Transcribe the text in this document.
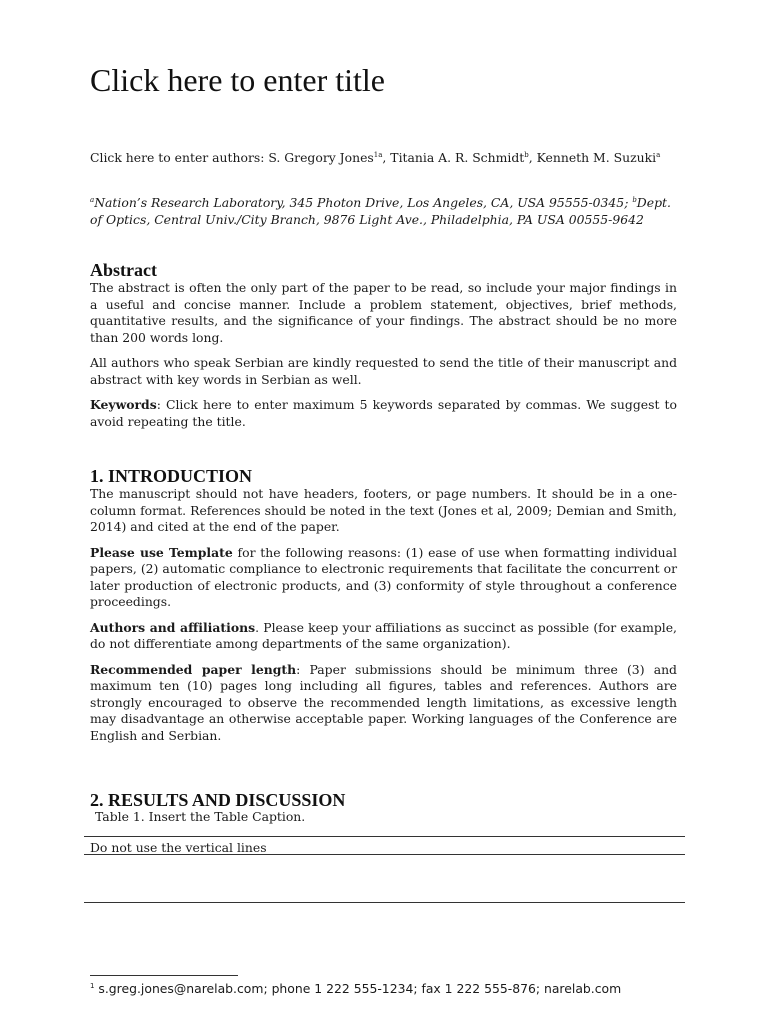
Click here to enter title
Click here to enter authors: S. Gregory Jones$^{1a}$, Titania A. R. Schmidt$^b$, Kenneth M. Suzuki$^a$
$^a$Nation’s Research Laboratory, 345 Photon Drive, Los Angeles, CA, USA 95555-0345; $^b$Dept. of Optics, Central Univ./City Branch, 9876 Light Ave., Philadelphia, PA USA 00555-9642
Abstract

The abstract is often the only part of the paper to be read, so include your major findings in a useful and concise manner. Include a problem statement, objectives, brief methods, quantitative results, and the significance of your findings. The abstract should be no more than 200 words long.

All authors who speak Serbian are kindly requested to send the title of their manuscript and abstract with key words in Serbian as well.

Keywords: Click here to enter maximum 5 keywords separated by commas. We suggest to avoid repeating the title.

1. INTRODUCTION

The manuscript should not have headers, footers, or page numbers. It should be in a one-column format. References should be noted in the text (Jones et al, 2009; Demian and Smith, 2014) and cited at the end of the paper.

Please use Template for the following reasons: (1) ease of use when formatting individual papers, (2) automatic compliance to electronic requirements that facilitate the concurrent or later production of electronic products, and (3) conformity of style throughout a conference proceedings.

Authors and affiliations. Please keep your affiliations as succinct as possible (for example, do not differentiate among departments of the same organization).

Recommended paper length: Paper submissions should be minimum three (3) and maximum ten (10) pages long including all figures, tables and references. Authors are strongly encouraged to observe the recommended length limitations, as excessive length may disadvantage an otherwise acceptable paper. Working languages of the Conference are English and Serbian.

2. RESULTS AND DISCUSSION
Table 1. Insert the Table Caption.
Do not use the vertical lines
$^1$ s.greg.jones@narelab.com; phone 1 222 555-1234; fax 1 222 555-876; narelab.com
